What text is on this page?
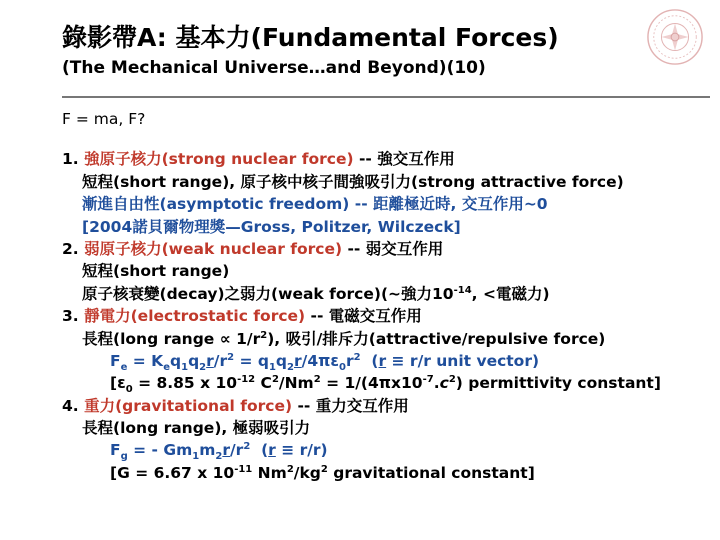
錄影帶A: 基本力(Fundamental Forces)
(The Mechanical Universe…and Beyond)(10)
F = ma, F?
1. 強原子核力(strong nuclear force) -- 強交互作用
短程(short range), 原子核中核子間強吸引力(strong attractive force)
漸進自由性(asymptotic freedom) -- 距離極近時, 交互作用~0
[2004諾貝爾物理獎—Gross, Politzer, Wilczeck]
2. 弱原子核力(weak nuclear force) -- 弱交互作用
短程(short range)
原子核衰變(decay)之弱力(weak force)(~強力$10^{-14}$, <電磁力)
3. 靜電力(electrostatic force) -- 電磁交互作用
長程(long range ∝ $1/r^2$), 吸引/排斥力(attractive/repulsive force)
$F_e = K_eq_1q_2r/r^2 = q_1q_2r/4\pi\varepsilon_0r^2$  (r ≡ r/r unit vector)
[$\varepsilon_0 = 8.85$ x $10^{-12}$ $C^2/Nm^2 = 1/(4\pi x10^{-7}.c^2)$ permittivity constant]
4. 重力(gravitational force) -- 重力交互作用
長程(long range), 極弱吸引力
$F_g$ = - $Gm_1m_2r/r^2$  (r ≡ r/r)
[G = 6.67 x $10^{-11}$ $Nm^2/kg^2$ gravitational constant]
